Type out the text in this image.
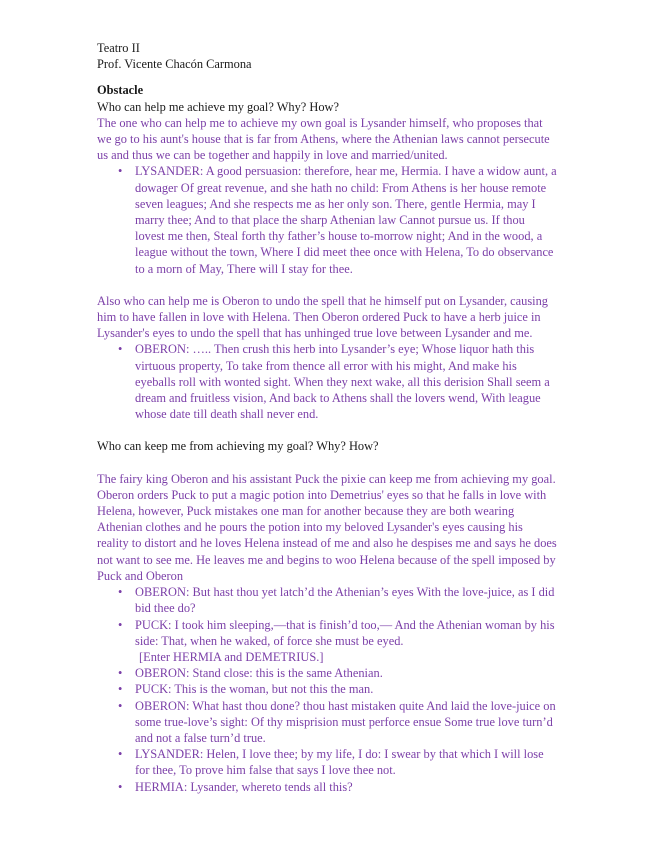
Teatro II
Prof. Vicente Chacón Carmona
Obstacle
Who can help me achieve my goal? Why? How?
The one who can help me to achieve my own goal is Lysander himself, who proposes that we go to his aunt's house that is far from Athens, where the Athenian laws cannot persecute us and thus we can be together and happily in love and married/united.
• LYSANDER: A good persuasion: therefore, hear me, Hermia. I have a widow aunt, a dowager Of great revenue, and she hath no child: From Athens is her house remote seven leagues; And she respects me as her only son. There, gentle Hermia, may I marry thee; And to that place the sharp Athenian law Cannot pursue us. If thou lovest me then, Steal forth thy father’s house to-morrow night; And in the wood, a league without the town, Where I did meet thee once with Helena, To do observance to a morn of May, There will I stay for thee.
Also who can help me is Oberon to undo the spell that he himself put on Lysander, causing him to have fallen in love with Helena. Then Oberon ordered Puck to have a herb juice in Lysander's eyes to undo the spell that has unhinged true love between Lysander and me.
• OBERON: ….. Then crush this herb into Lysander’s eye; Whose liquor hath this virtuous property, To take from thence all error with his might, And make his eyeballs roll with wonted sight. When they next wake, all this derision Shall seem a dream and fruitless vision, And back to Athens shall the lovers wend, With league whose date till death shall never end.
Who can keep me from achieving my goal? Why? How?
The fairy king Oberon and his assistant Puck the pixie can keep me from achieving my goal. Oberon orders Puck to put a magic potion into Demetrius' eyes so that he falls in love with Helena, however, Puck mistakes one man for another because they are both wearing Athenian clothes and he pours the potion into my beloved Lysander's eyes causing his reality to distort and he loves Helena instead of me and also he despises me and says he does not want to see me. He leaves me and begins to woo Helena because of the spell imposed by Puck and Oberon
• OBERON: But hast thou yet latch’d the Athenian’s eyes With the love-juice, as I did bid thee do?
• PUCK: I took him sleeping,—that is finish’d too,— And the Athenian woman by his side: That, when he waked, of force she must be eyed.
[Enter HERMIA and DEMETRIUS.]
• OBERON: Stand close: this is the same Athenian.
• PUCK: This is the woman, but not this the man.
• OBERON: What hast thou done? thou hast mistaken quite And laid the love-juice on some true-love’s sight: Of thy misprision must perforce ensue Some true love turn’d and not a false turn’d true.
• LYSANDER: Helen, I love thee; by my life, I do: I swear by that which I will lose for thee, To prove him false that says I love thee not.
• HERMIA: Lysander, whereto tends all this?
